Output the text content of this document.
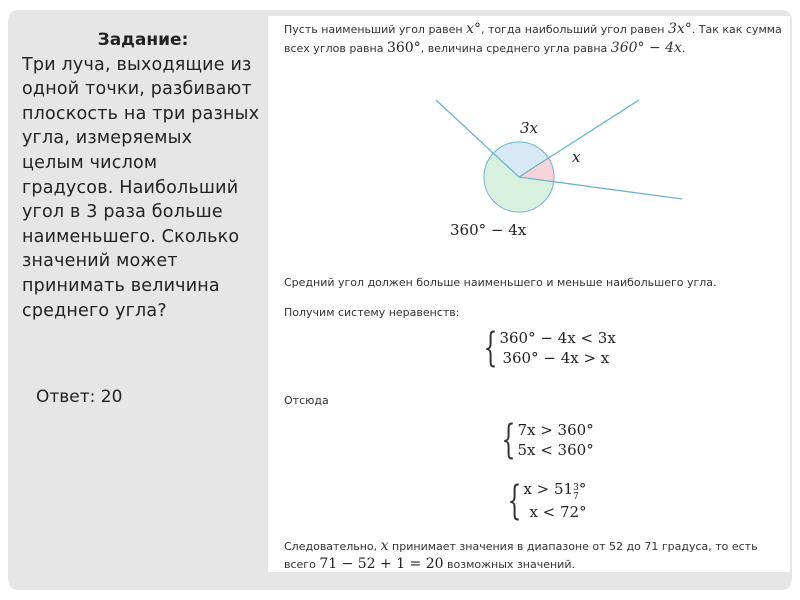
Задание:
Три луча, выходящие из
одной точки, разбивают
плоскость на три разных
угла, измеряемых
целым числом
градусов. Наибольший
угол в 3 раза больше
наименьшего. Сколько
значений может
принимать величина
среднего угла?
Ответ: 20
Пусть наименьший угол равен x°, тогда наибольший угол равен 3x°. Так как сумма
всех углов равна 360°, величина среднего угла равна 360° − 4x.
3x
x
360° − 4x
Средний угол должен больше наименьшего и меньше наибольшего угла.
Получим систему неравенств:
{ 360° − 4x < 3x
360° − 4x > x
Отсюда
{ 7x > 360°
5x < 360°
{ x > 51 3
7 °
x < 72°
Следовательно, x принимает значения в диапазоне от 52 до 71 градуса, то есть
всего 71 − 52 + 1 = 20 возможных значений.
